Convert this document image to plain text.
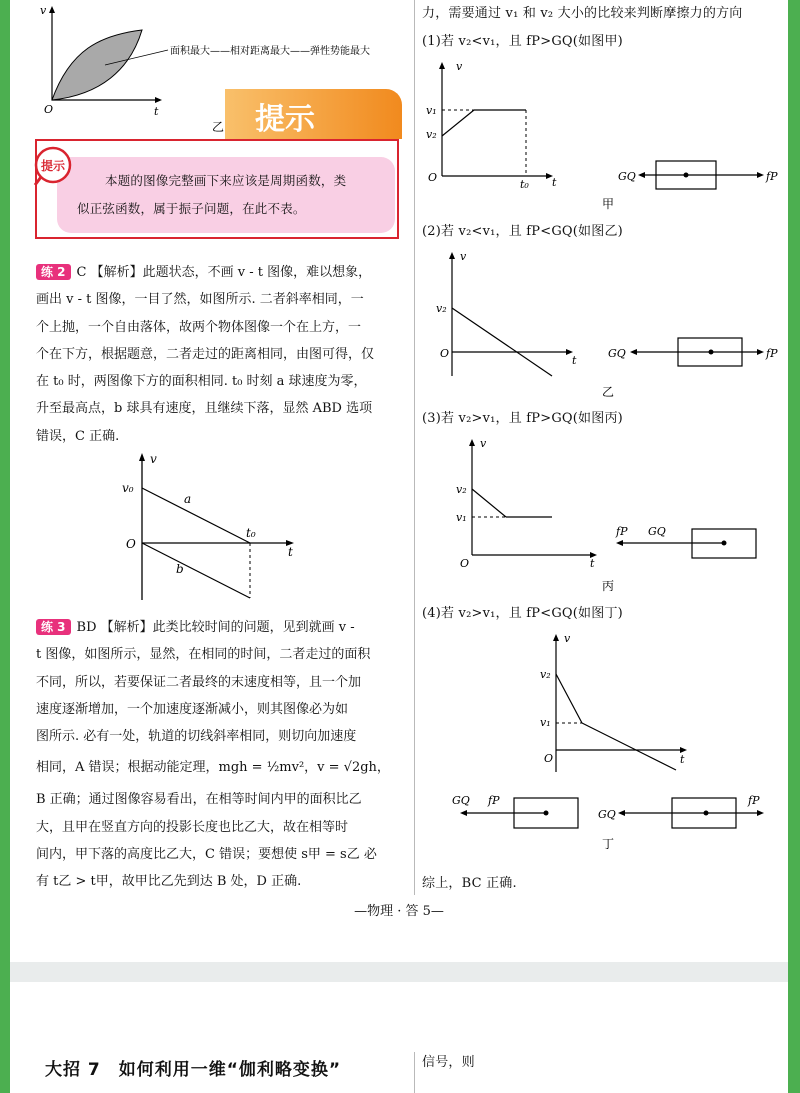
v
t
O
面积最大——相对距离最大——弹性势能最大
乙 提示
本题的图像完整画下来应该是周期函数，类
似正弦函数，属于振子问题，在此不表。
提示
练 2 C 【解析】此题状态，不画 v - t 图像，难以想象，
画出 v - t 图像，一目了然，如图所示. 二者斜率相同，一
个上抛，一个自由落体，故两个物体图像一个在上方，一
个在下方，根据题意，二者走过的距离相同，由图可得，仅
在 t₀ 时，两图像下方的面积相同. t₀ 时刻 a 球速度为零，
升至最高点，b 球具有速度，且继续下落，显然 ABD 选项
错误，C 正确.
v
v₀
O
t
t₀
a
b
练 3 BD 【解析】此类比较时间的问题，见到就画 v -
t 图像，如图所示，显然，在相同的时间，二者走过的面积
不同，所以，若要保证二者最终的末速度相等，且一个加
速度逐渐增加，一个加速度逐渐减小，则其图像必为如
图所示. 必有一处，轨道的切线斜率相同，则切向加速度
相同，A 错误；根据动能定理，mgh = ½mv²，v = √2gh，
B 正确；通过图像容易看出，在相等时间内甲的面积比乙
大，且甲在竖直方向的投影长度也比乙大，故在相等时
间内，甲下落的高度比乙大，C 错误；要想使 s甲 = s乙 必
有 t乙 > t甲，故甲比乙先到达 B 处，D 正确.
力，需要通过 v₁ 和 v₂ 大小的比较来判断摩擦力的方向
(1)若 v₂<v₁，且 fP>GQ(如图甲)
v
v₁
v₂
O
t₀ t	GQ	fP
甲
(2)若 v₂<v₁，且 fP<GQ(如图乙)
v
v₂
O
t
GQ	fP
乙
(3)若 v₂>v₁，且 fP>GQ(如图丙)
v
v₂
v₁
O	t
fP GQ
丙
(4)若 v₂>v₁，且 fP<GQ(如图丁)
v
v₂
v₁
O	t
GQ fP
GQ
fP
丁
综上，BC 正确.
—物理 · 答 5—
信号，则
大招 7　如何利用一维“伽利略变换”
